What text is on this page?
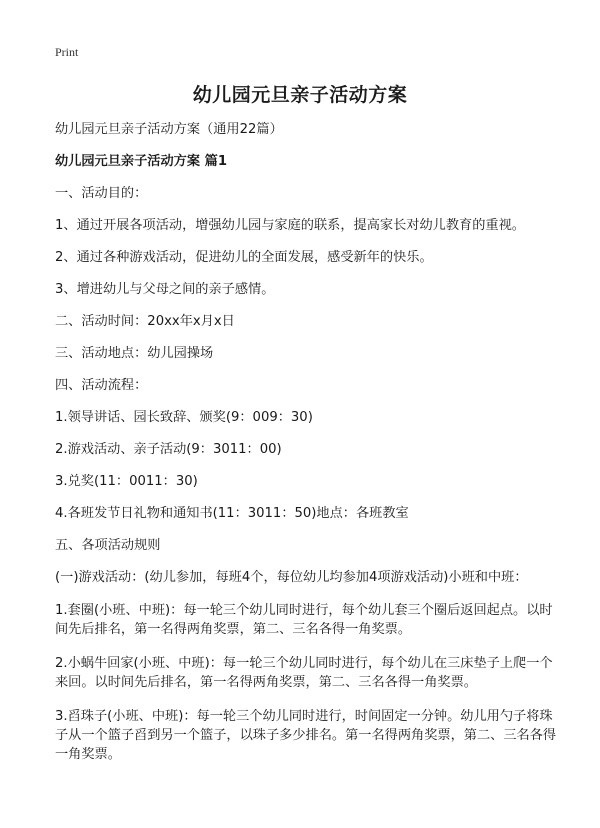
Print
幼儿园元旦亲子活动方案

幼儿园元旦亲子活动方案（通用22篇）

幼儿园元旦亲子活动方案 篇1

一、活动目的：

1、通过开展各项活动，增强幼儿园与家庭的联系，提高家长对幼儿教育的重视。

2、通过各种游戏活动，促进幼儿的全面发展，感受新年的快乐。

3、增进幼儿与父母之间的亲子感情。

二、活动时间：20xx年x月x日

三、活动地点：幼儿园操场

四、活动流程：

1.领导讲话、园长致辞、颁奖(9：009：30)

2.游戏活动、亲子活动(9：3011：00)

3.兑奖(11：0011：30)

4.各班发节日礼物和通知书(11：3011：50)地点：各班教室

五、各项活动规则

(一)游戏活动：(幼儿参加，每班4个，每位幼儿均参加4项游戏活动)小班和中班：

1.套圈(小班、中班)：每一轮三个幼儿同时进行，每个幼儿套三个圈后返回起点。以时间先后排名，第一名得两角奖票，第二、三名各得一角奖票。

2.小蜗牛回家(小班、中班)：每一轮三个幼儿同时进行，每个幼儿在三床垫子上爬一个来回。以时间先后排名，第一名得两角奖票，第二、三名各得一角奖票。

3.舀珠子(小班、中班)：每一轮三个幼儿同时进行，时间固定一分钟。幼儿用勺子将珠子从一个篮子舀到另一个篮子，以珠子多少排名。第一名得两角奖票，第二、三名各得一角奖票。
